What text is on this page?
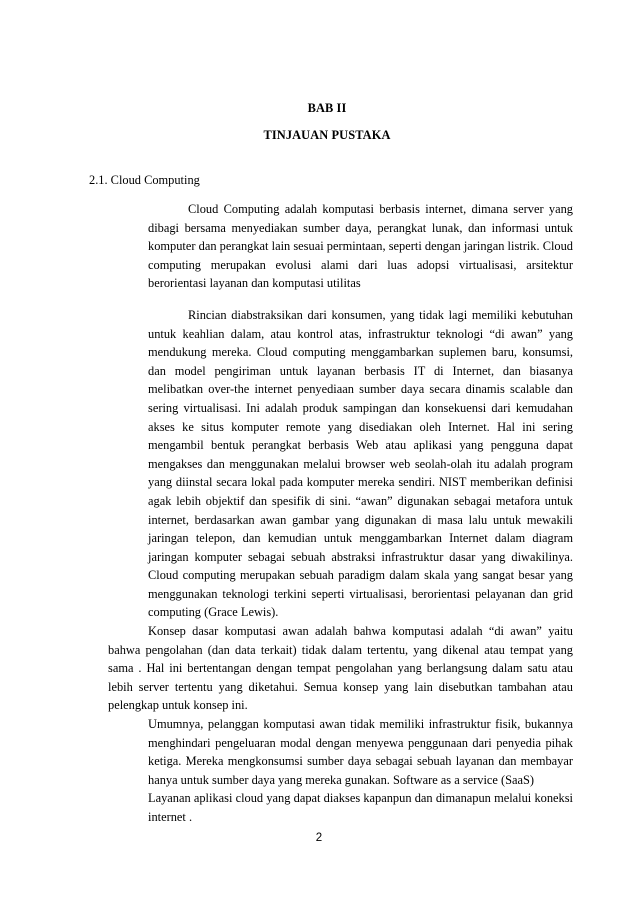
BAB II
TINJAUAN PUSTAKA
2.1. Cloud Computing

Cloud Computing adalah komputasi berbasis internet, dimana server yang dibagi bersama menyediakan sumber daya, perangkat lunak, dan informasi untuk komputer dan perangkat lain sesuai permintaan, seperti dengan jaringan listrik. Cloud computing merupakan evolusi alami dari luas adopsi virtualisasi, arsitektur berorientasi layanan dan komputasi utilitas

Rincian diabstraksikan dari konsumen, yang tidak lagi memiliki kebutuhan untuk keahlian dalam, atau kontrol atas, infrastruktur teknologi “di awan” yang mendukung mereka. Cloud computing menggambarkan suplemen baru, konsumsi, dan model pengiriman untuk layanan berbasis IT di Internet, dan biasanya melibatkan over-the internet penyediaan sumber daya secara dinamis scalable dan sering virtualisasi. Ini adalah produk sampingan dan konsekuensi dari kemudahan akses ke situs komputer remote yang disediakan oleh Internet. Hal ini sering mengambil bentuk perangkat berbasis Web atau aplikasi yang pengguna dapat mengakses dan menggunakan melalui browser web seolah-olah itu adalah program yang diinstal secara lokal pada komputer mereka sendiri. NIST memberikan definisi agak lebih objektif dan spesifik di sini. “awan” digunakan sebagai metafora untuk internet, berdasarkan awan gambar yang digunakan di masa lalu untuk mewakili jaringan telepon, dan kemudian untuk menggambarkan Internet dalam diagram jaringan komputer sebagai sebuah abstraksi infrastruktur dasar yang diwakilinya. Cloud computing merupakan sebuah paradigm dalam skala yang sangat besar yang menggunakan teknologi terkini seperti virtualisasi, berorientasi pelayanan dan grid computing (Grace Lewis).

Konsep dasar komputasi awan adalah bahwa komputasi adalah “di awan” yaitu bahwa pengolahan (dan data terkait) tidak dalam tertentu, yang dikenal atau tempat yang sama . Hal ini bertentangan dengan tempat pengolahan yang berlangsung dalam satu atau lebih server tertentu yang diketahui. Semua konsep yang lain disebutkan tambahan atau pelengkap untuk konsep ini.

Umumnya, pelanggan komputasi awan tidak memiliki infrastruktur fisik, bukannya menghindari pengeluaran modal dengan menyewa penggunaan dari penyedia pihak ketiga. Mereka mengkonsumsi sumber daya sebagai sebuah layanan dan membayar hanya untuk sumber daya yang mereka gunakan. Software as a service (SaaS)

Layanan aplikasi cloud yang dapat diakses kapanpun dan dimanapun melalui koneksi internet .

2
